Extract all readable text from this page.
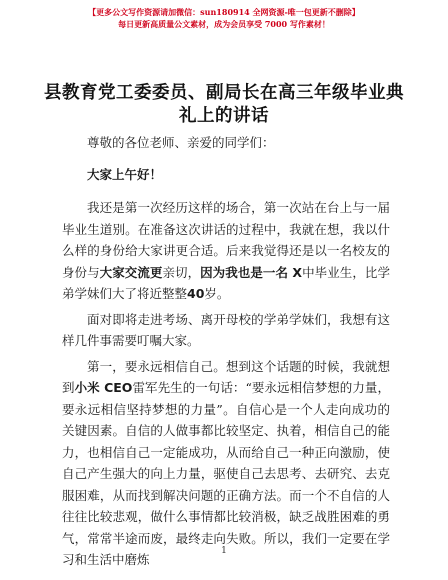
【更多公文写作资源请加微信：sun180914 全网资源-唯一包更新不删除】
每日更新高质量公文素材，成为会员享受 7000 写作素材！
县教育党工委委员、副局长在高三年级毕业典礼上的讲话

尊敬的各位老师、亲爱的同学们：

大家上午好！

我还是第一次经历这样的场合，第一次站在台上与一届毕业生道别。在准备这次讲话的过程中，我就在想，我以什么样的身份给大家讲更合适。后来我觉得还是以一名校友的身份与大家交流更亲切，因为我也是一名 X中毕业生，比学弟学妹们大了将近整整40岁。

面对即将走进考场、离开母校的学弟学妹们，我想有这样几件事需要叮嘱大家。

第一，要永远相信自己。想到这个话题的时候，我就想到小米 CEO雷军先生的一句话：“要永远相信梦想的力量，要永远相信坚持梦想的力量”。自信心是一个人走向成功的关键因素。自信的人做事都比较坚定、执着，相信自己的能力，也相信自己一定能成功，从而给自己一种正向激励，使自己产生强大的向上力量，驱使自己去思考、去研究、去克服困难，从而找到解决问题的正确方法。而一个不自信的人往往比较悲观，做什么事情都比较消极，缺乏战胜困难的勇气，常常半途而废，最终走向失败。所以，我们一定要在学习和生活中磨炼

1
